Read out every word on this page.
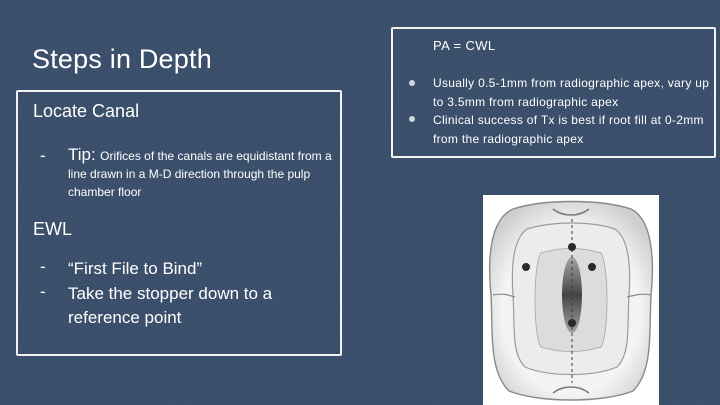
Steps in Depth
Locate Canal
- Tip: Orifices of the canals are equidistant from a line drawn in a M-D direction through the pulp chamber floor
EWL
- “First File to Bind”
- Take the stopper down to a reference point
PA = CWL
Usually 0.5-1mm from radiographic apex, vary up to 3.5mm from radiographic apex
Clinical success of Tx is best if root fill at 0-2mm from the radiographic apex
